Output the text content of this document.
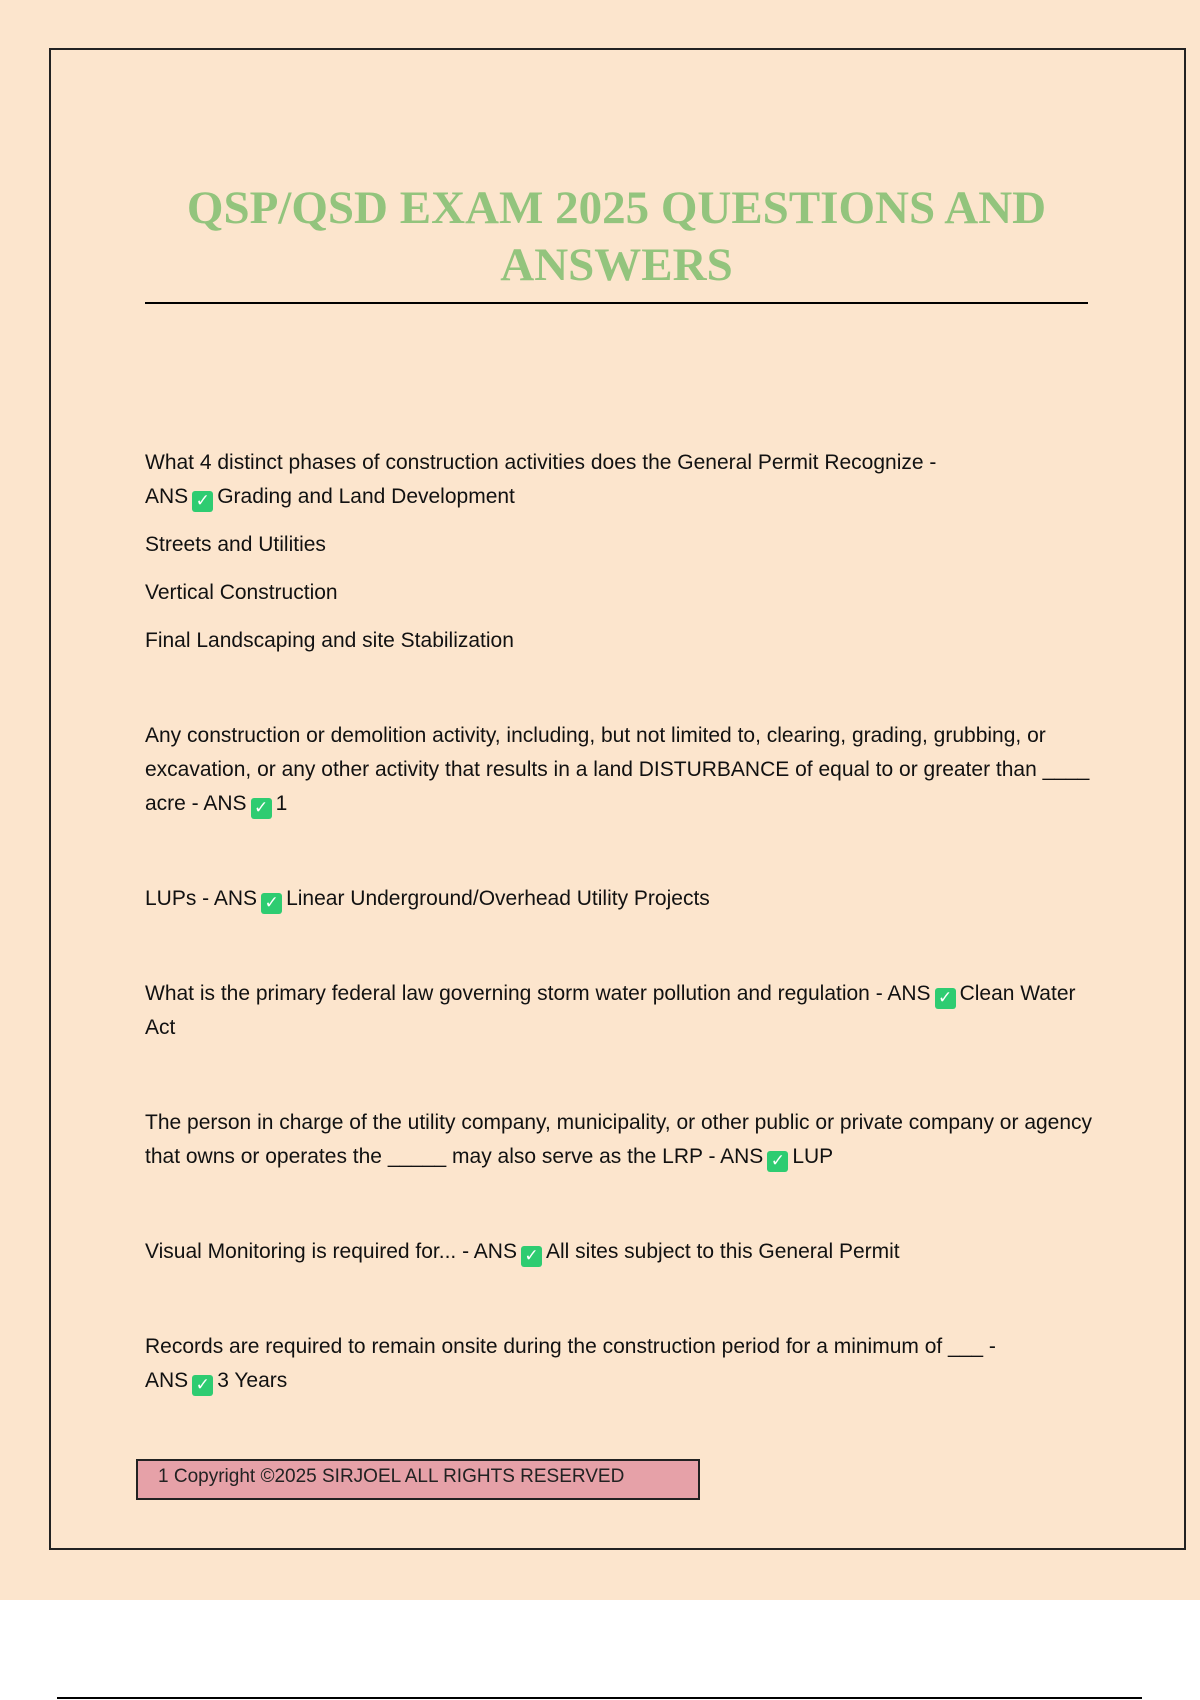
QSP/QSD EXAM 2025 QUESTIONS AND ANSWERS

What 4 distinct phases of construction activities does the General Permit Recognize -
ANS ✓ Grading and Land Development

Streets and Utilities

Vertical Construction

Final Landscaping and site Stabilization

Any construction or demolition activity, including, but not limited to, clearing, grading, grubbing, or excavation, or any other activity that results in a land DISTURBANCE of equal to or greater than ____ acre - ANS ✓ 1

LUPs - ANS ✓ Linear Underground/Overhead Utility Projects

What is the primary federal law governing storm water pollution and regulation - ANS ✓ Clean Water Act

The person in charge of the utility company, municipality, or other public or private company or agency that owns or operates the _____ may also serve as the LRP - ANS ✓ LUP

Visual Monitoring is required for... - ANS ✓ All sites subject to this General Permit

Records are required to remain onsite during the construction period for a minimum of ___ -
ANS ✓ 3 Years

1 Copyright ©2025 SIRJOEL ALL RIGHTS RESERVED
